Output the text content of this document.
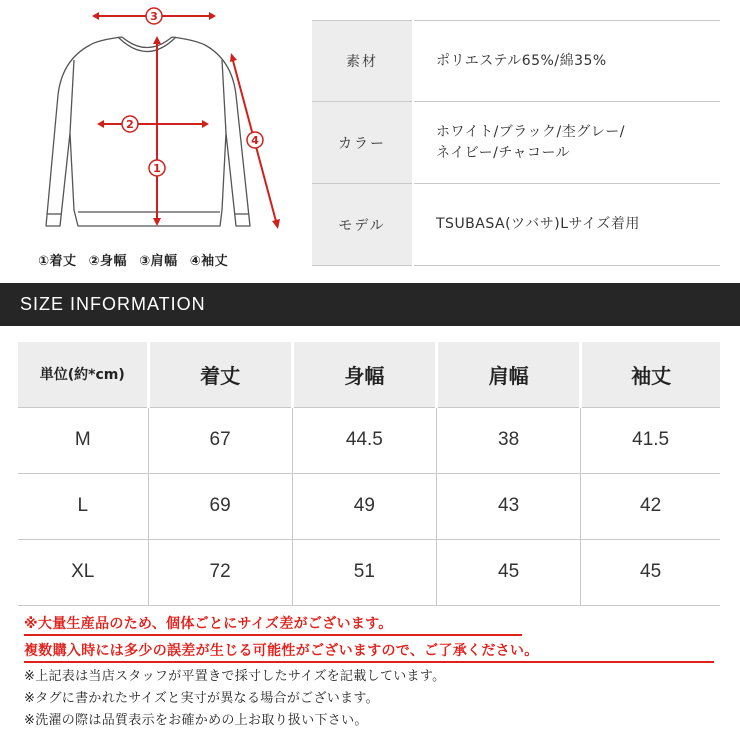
1
2
3
4
①着丈 ②身幅 ③肩幅 ④袖丈
素材	ポリエステル65%/綿35%

カラー	ホワイト/ブラック/杢グレー/
ネイビー/チャコール

モデル	TSUBASA(ツバサ)Lサイズ着用
SIZE INFORMATION
単位(約*cm)	着丈	身幅	肩幅	袖丈
M	67	44.5	38	41.5
L	69	49	43	42
XL	72	51	45	45
※大量生産品のため、個体ごとにサイズ差がございます。
複数購入時には多少の誤差が生じる可能性がございますので、ご了承ください。
※上記表は当店スタッフが平置きで採寸したサイズを記載しています。
※タグに書かれたサイズと実寸が異なる場合がございます。
※洗濯の際は品質表示をお確かめの上お取り扱い下さい。
